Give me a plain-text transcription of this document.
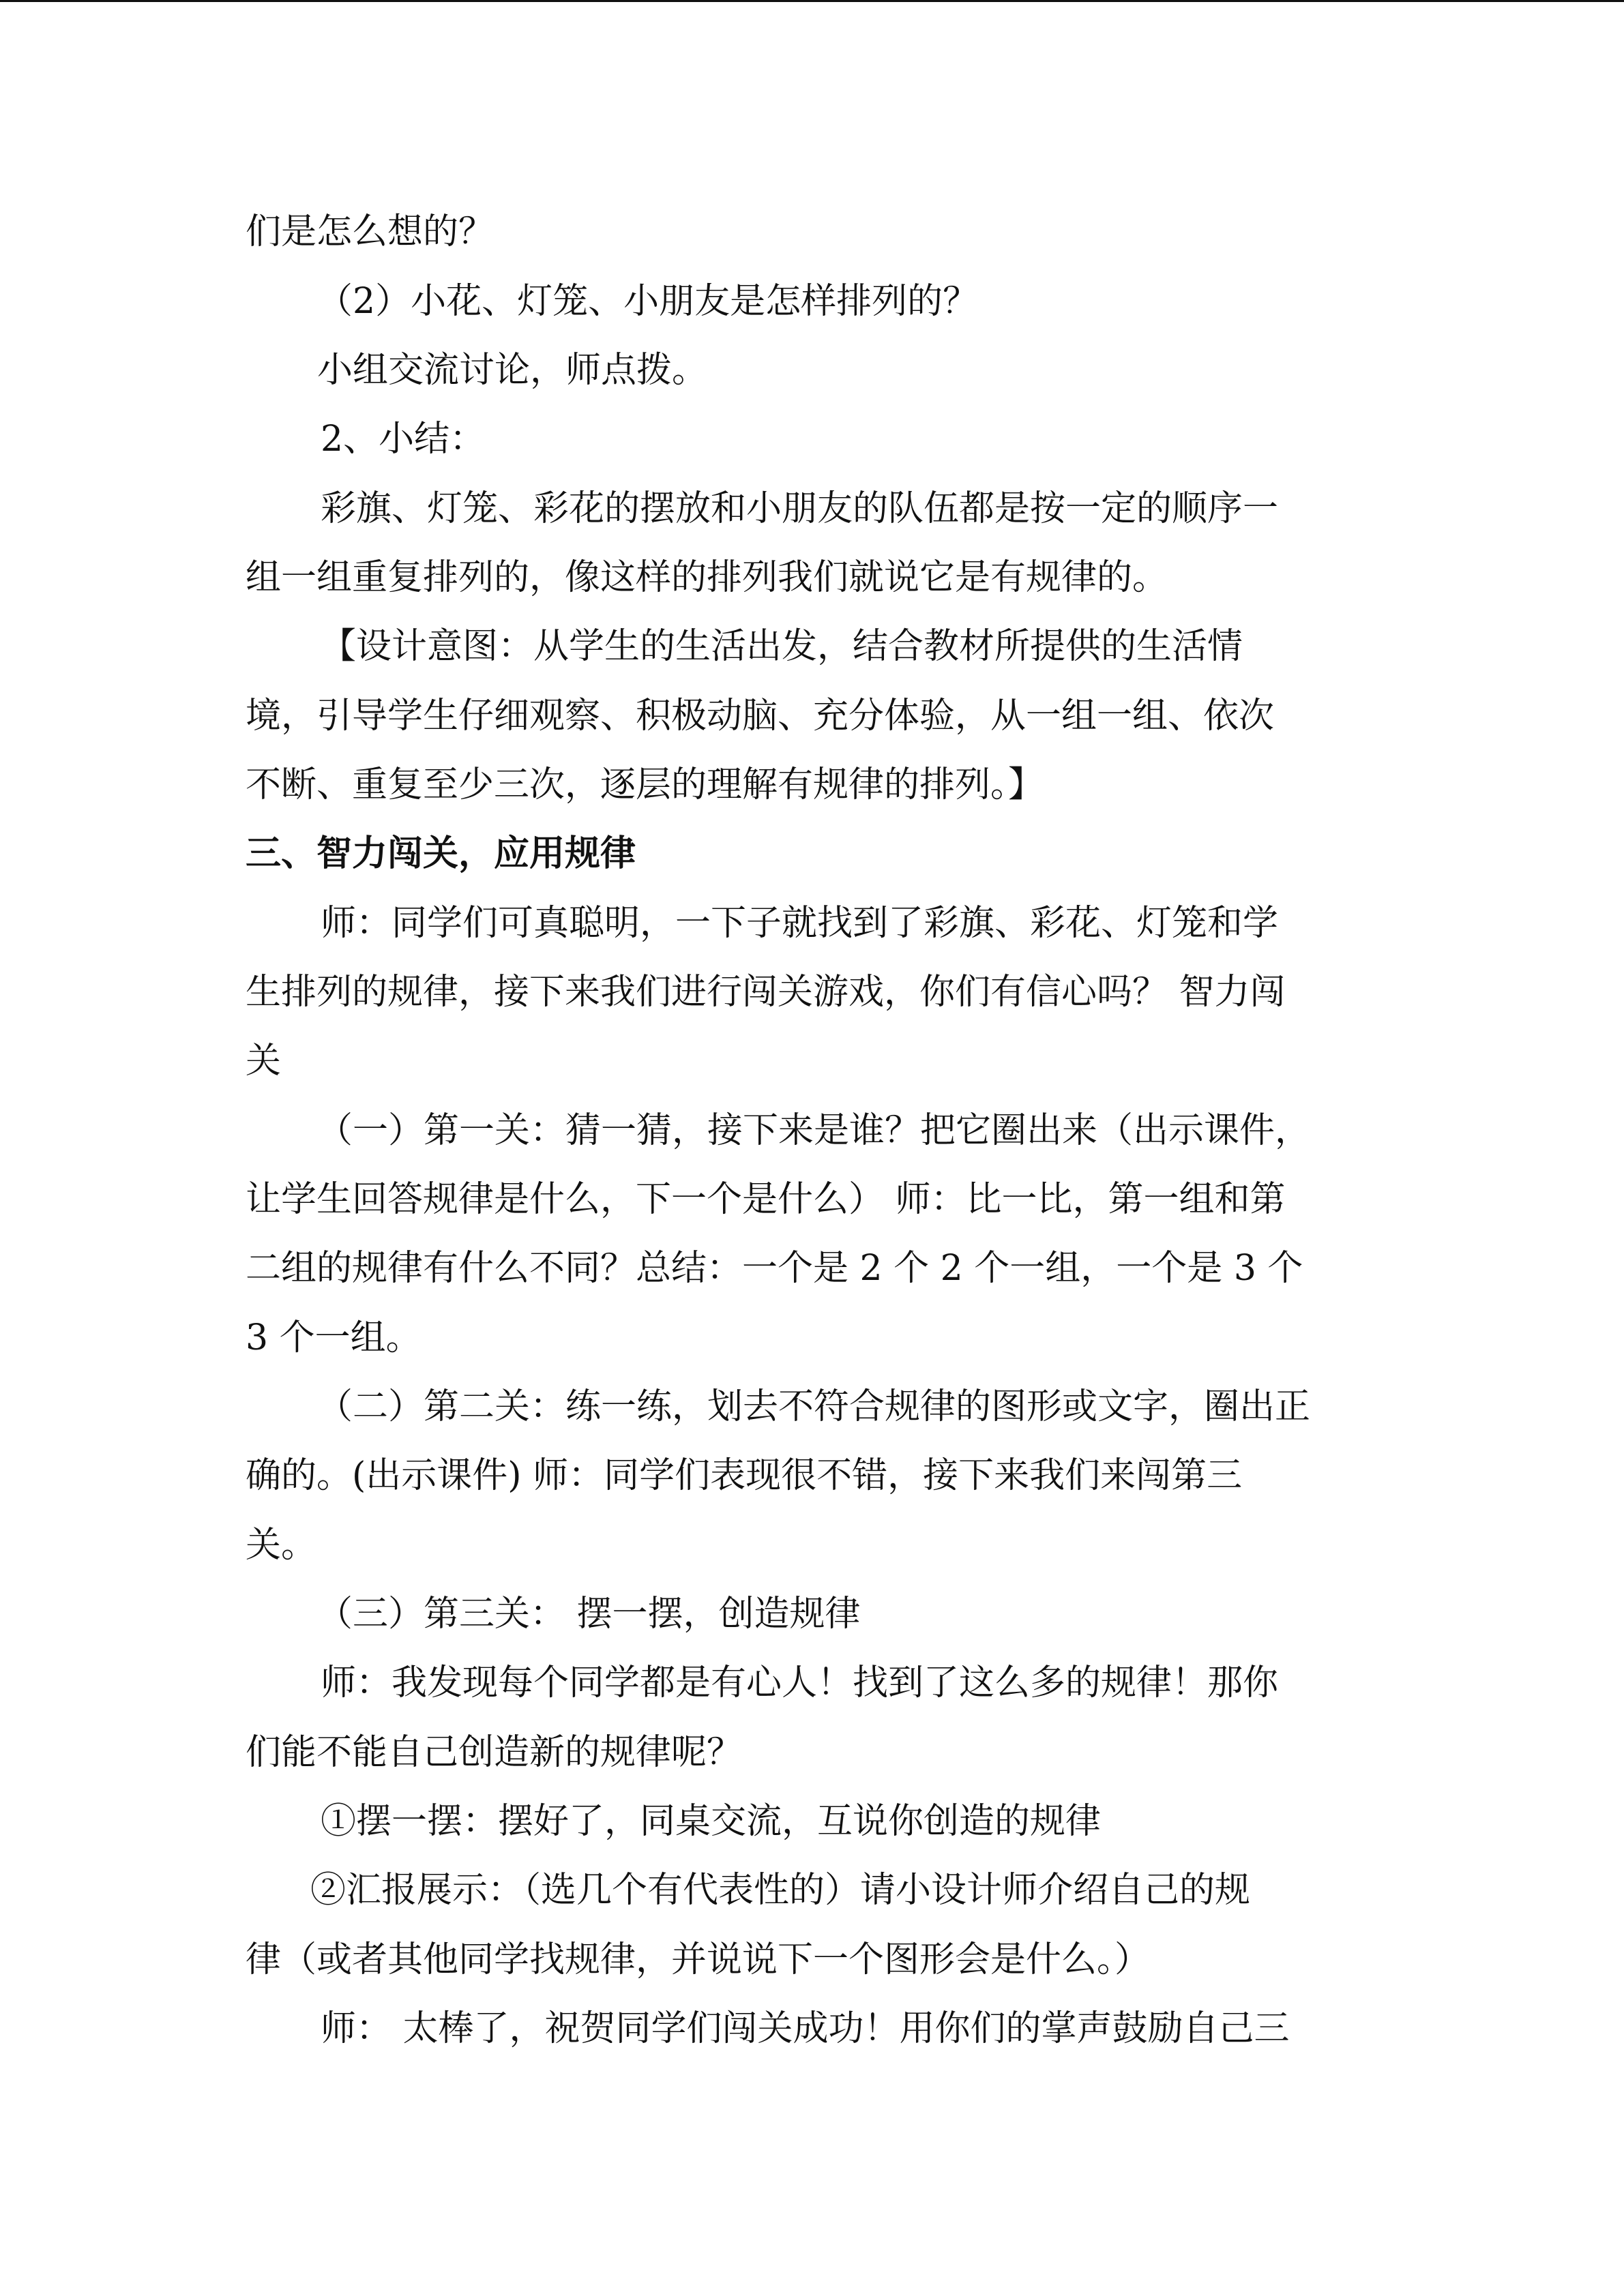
们是怎么想的？
（2）小花、灯笼、小朋友是怎样排列的？
小组交流讨论，师点拨。
2、小结：
彩旗、灯笼、彩花的摆放和小朋友的队伍都是按一定的顺序一
组一组重复排列的，像这样的排列我们就说它是有规律的。
【设计意图：从学生的生活出发，结合教材所提供的生活情
境，引导学生仔细观察、积极动脑、充分体验，从一组一组、依次
不断、重复至少三次，逐层的理解有规律的排列。】
三、智力闯关，应用规律
师：同学们可真聪明，一下子就找到了彩旗、彩花、灯笼和学
生排列的规律，接下来我们进行闯关游戏，你们有信心吗？ 智力闯
关
（一）第一关：猜一猜，接下来是谁？把它圈出来（出示课件，
让学生回答规律是什么，下一个是什么） 师：比一比，第一组和第
二组的规律有什么不同？总结：一个是 2 个 2 个一组，一个是 3 个
3 个一组。
（二）第二关：练一练，划去不符合规律的图形或文字，圈出正
确的。(出示课件) 师：同学们表现很不错，接下来我们来闯第三
关。
（三）第三关： 摆一摆，创造规律
师：我发现每个同学都是有心人！找到了这么多的规律！那你
们能不能自己创造新的规律呢？
①摆一摆：摆好了，同桌交流，互说你创造的规律
②汇报展示：（选几个有代表性的）请小设计师介绍自己的规
律（或者其他同学找规律，并说说下一个图形会是什么。）
师： 太棒了，祝贺同学们闯关成功！用你们的掌声鼓励自己三
